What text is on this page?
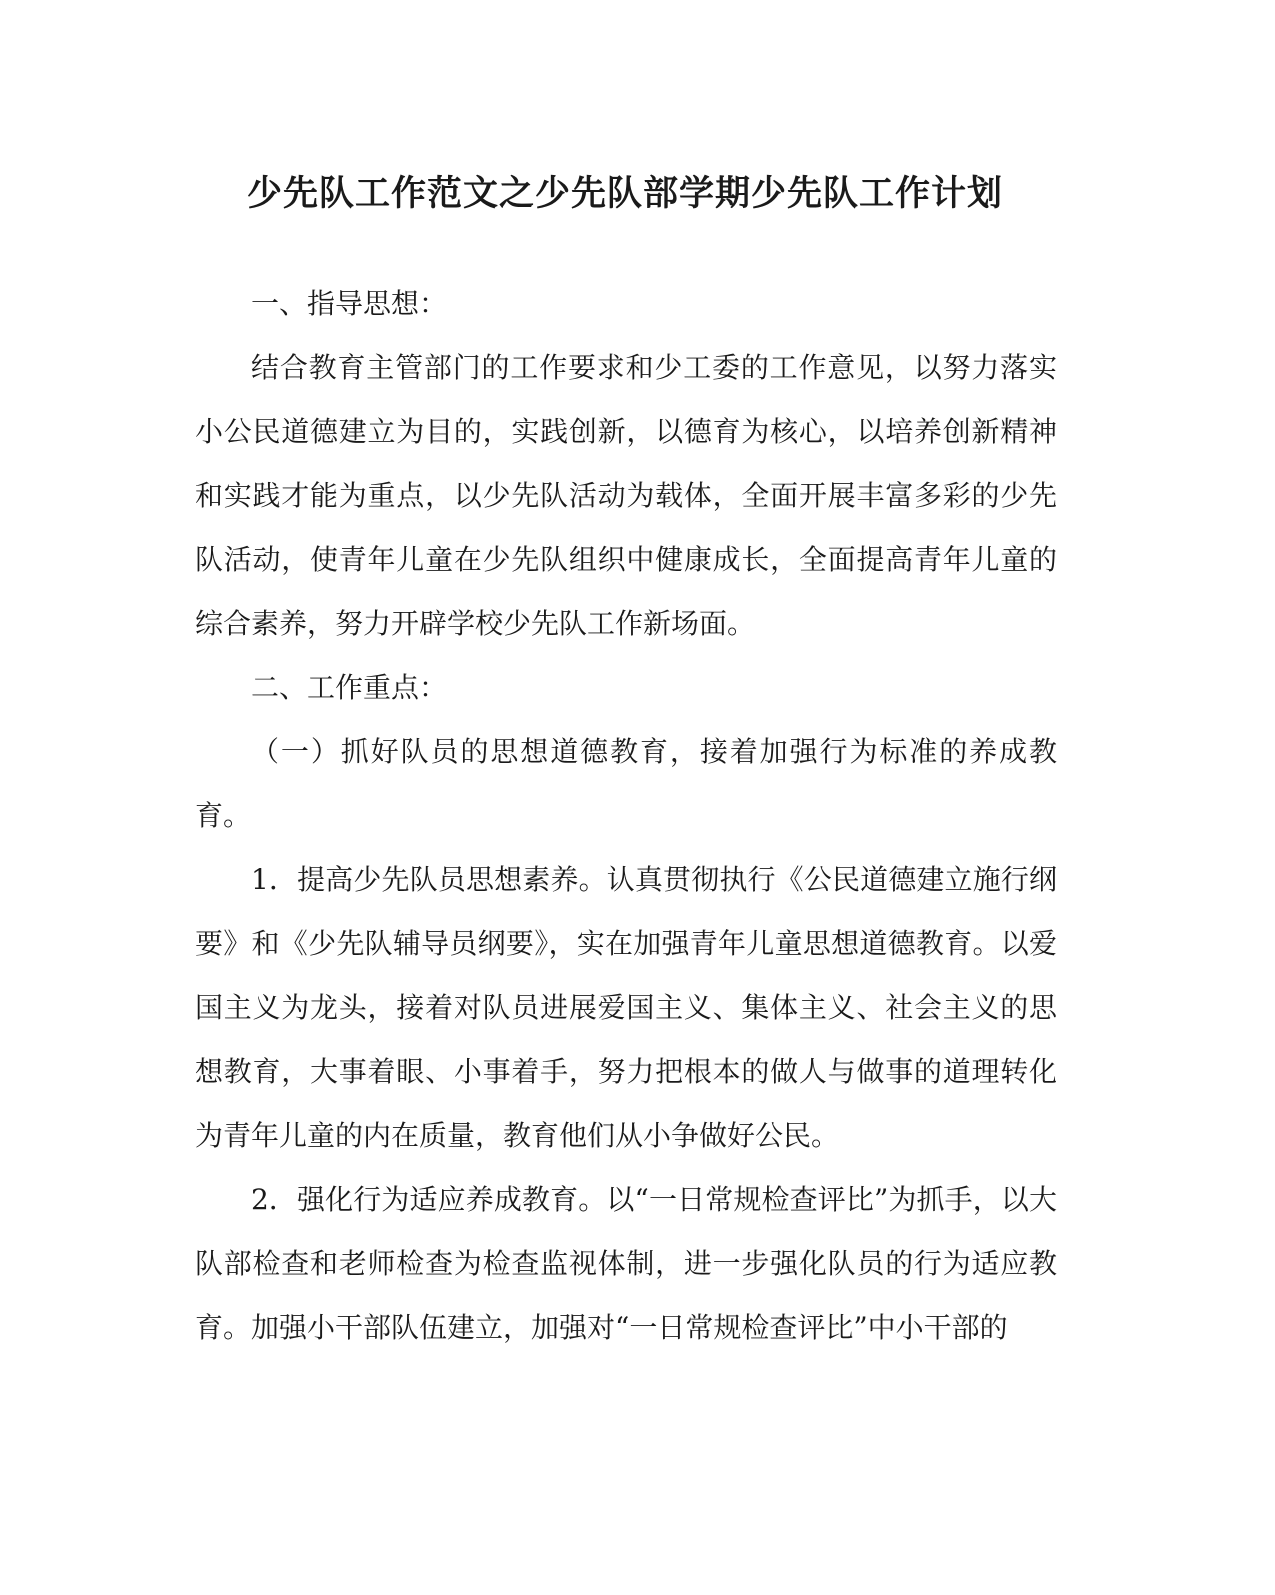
少先队工作范文之少先队部学期少先队工作计划

一、指导思想：

结合教育主管部门的工作要求和少工委的工作意见，以努力落实小公民道德建立为目的，实践创新，以德育为核心，以培养创新精神和实践才能为重点，以少先队活动为载体，全面开展丰富多彩的少先队活动，使青年儿童在少先队组织中健康成长，全面提高青年儿童的综合素养，努力开辟学校少先队工作新场面。

二、工作重点：

（一）抓好队员的思想道德教育，接着加强行为标准的养成教育。

1．提高少先队员思想素养。认真贯彻执行《公民道德建立施行纲要》和《少先队辅导员纲要》，实在加强青年儿童思想道德教育。以爱国主义为龙头，接着对队员进展爱国主义、集体主义、社会主义的思想教育，大事着眼、小事着手，努力把根本的做人与做事的道理转化为青年儿童的内在质量，教育他们从小争做好公民。

2．强化行为适应养成教育。以“一日常规检查评比”为抓手，以大队部检查和老师检查为检查监视体制，进一步强化队员的行为适应教育。加强小干部队伍建立，加强对“一日常规检查评比”中小干部的
